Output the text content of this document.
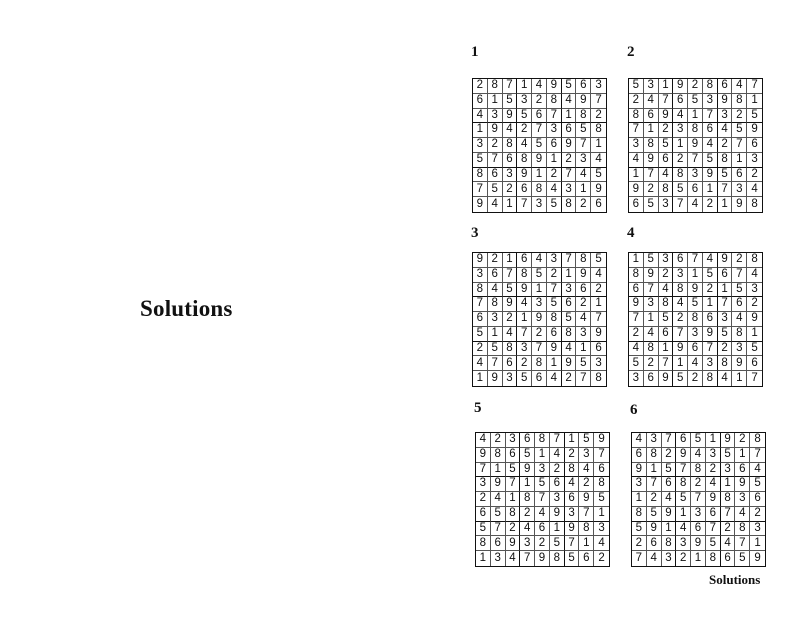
Solutions
1
2 8 7 1 4 9 5 6 3
6 1 5 3 2 8 4 9 7
4 3 9 5 6 7 1 8 2
1 9 4 2 7 3 6 5 8
3 2 8 4 5 6 9 7 1
5 7 6 8 9 1 2 3 4
8 6 3 9 1 2 7 4 5
7 5 2 6 8 4 3 1 9
9 4 1 7 3 5 8 2 6
2
5 3 1 9 2 8 6 4 7
2 4 7 6 5 3 9 8 1
8 6 9 4 1 7 3 2 5
7 1 2 3 8 6 4 5 9
3 8 5 1 9 4 2 7 6
4 9 6 2 7 5 8 1 3
1 7 4 8 3 9 5 6 2
9 2 8 5 6 1 7 3 4
6 5 3 7 4 2 1 9 8
3
9 2 1 6 4 3 7 8 5
3 6 7 8 5 2 1 9 4
8 4 5 9 1 7 3 6 2
7 8 9 4 3 5 6 2 1
6 3 2 1 9 8 5 4 7
5 1 4 7 2 6 8 3 9
2 5 8 3 7 9 4 1 6
4 7 6 2 8 1 9 5 3
1 9 3 5 6 4 2 7 8
4
1 5 3 6 7 4 9 2 8
8 9 2 3 1 5 6 7 4
6 7 4 8 9 2 1 5 3
9 3 8 4 5 1 7 6 2
7 1 5 2 8 6 3 4 9
2 4 6 7 3 9 5 8 1
4 8 1 9 6 7 2 3 5
5 2 7 1 4 3 8 9 6
3 6 9 5 2 8 4 1 7
5
4 2 3 6 8 7 1 5 9
9 8 6 5 1 4 2 3 7
7 1 5 9 3 2 8 4 6
3 9 7 1 5 6 4 2 8
2 4 1 8 7 3 6 9 5
6 5 8 2 4 9 3 7 1
5 7 2 4 6 1 9 8 3
8 6 9 3 2 5 7 1 4
1 3 4 7 9 8 5 6 2
6
4 3 7 6 5 1 9 2 8
6 8 2 9 4 3 5 1 7
9 1 5 7 8 2 3 6 4
3 7 6 8 2 4 1 9 5
1 2 4 5 7 9 8 3 6
8 5 9 1 3 6 7 4 2
5 9 1 4 6 7 2 8 3
2 6 8 3 9 5 4 7 1
7 4 3 2 1 8 6 5 9
Solutions
